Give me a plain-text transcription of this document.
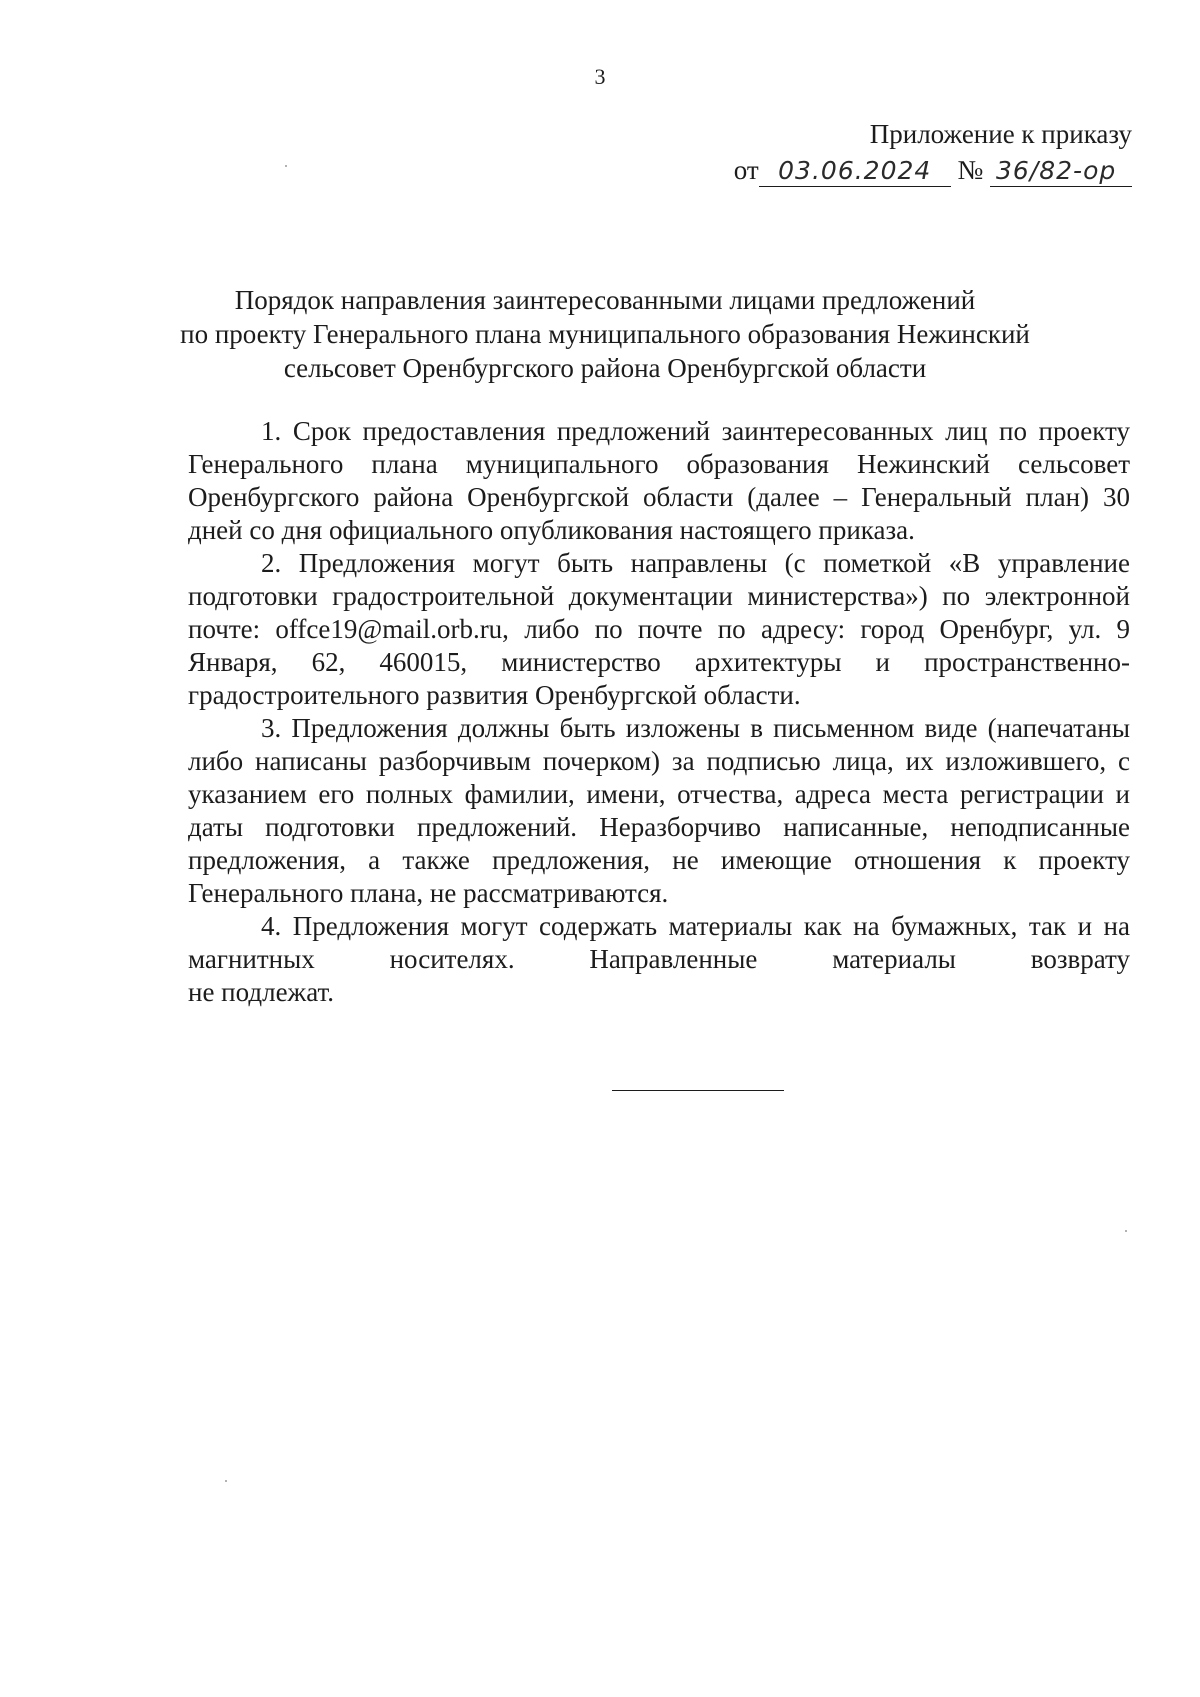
3
Приложение к приказу
от 03.06.2024 № 36/82-ор
Порядок направления заинтересованными лицами предложений
по проекту Генерального плана муниципального образования Нежинский
сельсовет Оренбургского района Оренбургской области

1. Срок предоставления предложений заинтересованных лиц по проекту Генерального плана муниципального образования Нежинский сельсовет Оренбургского района Оренбургской области (далее – Генеральный план) 30 дней со дня официального опубликования настоящего приказа.

2. Предложения могут быть направлены (с пометкой «В управление подготовки градостроительной документации министерства») по электронной почте: offce19@mail.orb.ru, либо по почте по адресу: город Оренбург, ул. 9 Января, 62, 460015, министерство архитектуры и пространственно-градостроительного развития Оренбургской области.

3. Предложения должны быть изложены в письменном виде (напечатаны либо написаны разборчивым почерком) за подписью лица, их изложившего, с указанием его полных фамилии, имени, отчества, адреса места регистрации и даты подготовки предложений. Неразборчиво написанные, неподписанные предложения, а также предложения, не имеющие отношения к проекту Генерального плана, не рассматриваются.

4. Предложения могут содержать материалы как на бумажных, так и на магнитных носителях. Направленные материалы возврату

не подлежат.
